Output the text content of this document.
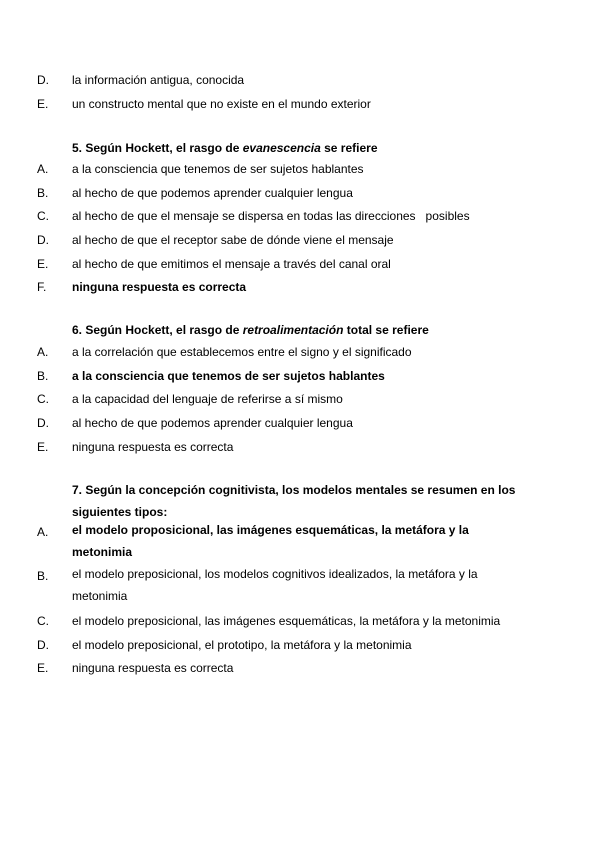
D. la información antigua, conocida
E. un constructo mental que no existe en el mundo exterior
5. Según Hockett, el rasgo de evanescencia se refiere
A. a la consciencia que tenemos de ser sujetos hablantes
B. al hecho de que podemos aprender cualquier lengua
C. al hecho de que el mensaje se dispersa en todas las direcciones   posibles
D. al hecho de que el receptor sabe de dónde viene el mensaje
E. al hecho de que emitimos el mensaje a través del canal oral
F. ninguna respuesta es correcta
6. Según Hockett, el rasgo de retroalimentación total se refiere
A. a la correlación que establecemos entre el signo y el significado
B. a la consciencia que tenemos de ser sujetos hablantes
C. a la capacidad del lenguaje de referirse a sí mismo
D. al hecho de que podemos aprender cualquier lengua
E. ninguna respuesta es correcta
7. Según la concepción cognitivista, los modelos mentales se resumen en los siguientes tipos:
A. el modelo proposicional, las imágenes esquemáticas, la metáfora y la metonimia
B. el modelo preposicional, los modelos cognitivos idealizados, la metáfora y la metonimia
C. el modelo preposicional, las imágenes esquemáticas, la metáfora y la metonimia
D. el modelo preposicional, el prototipo, la metáfora y la metonimia
E. ninguna respuesta es correcta
